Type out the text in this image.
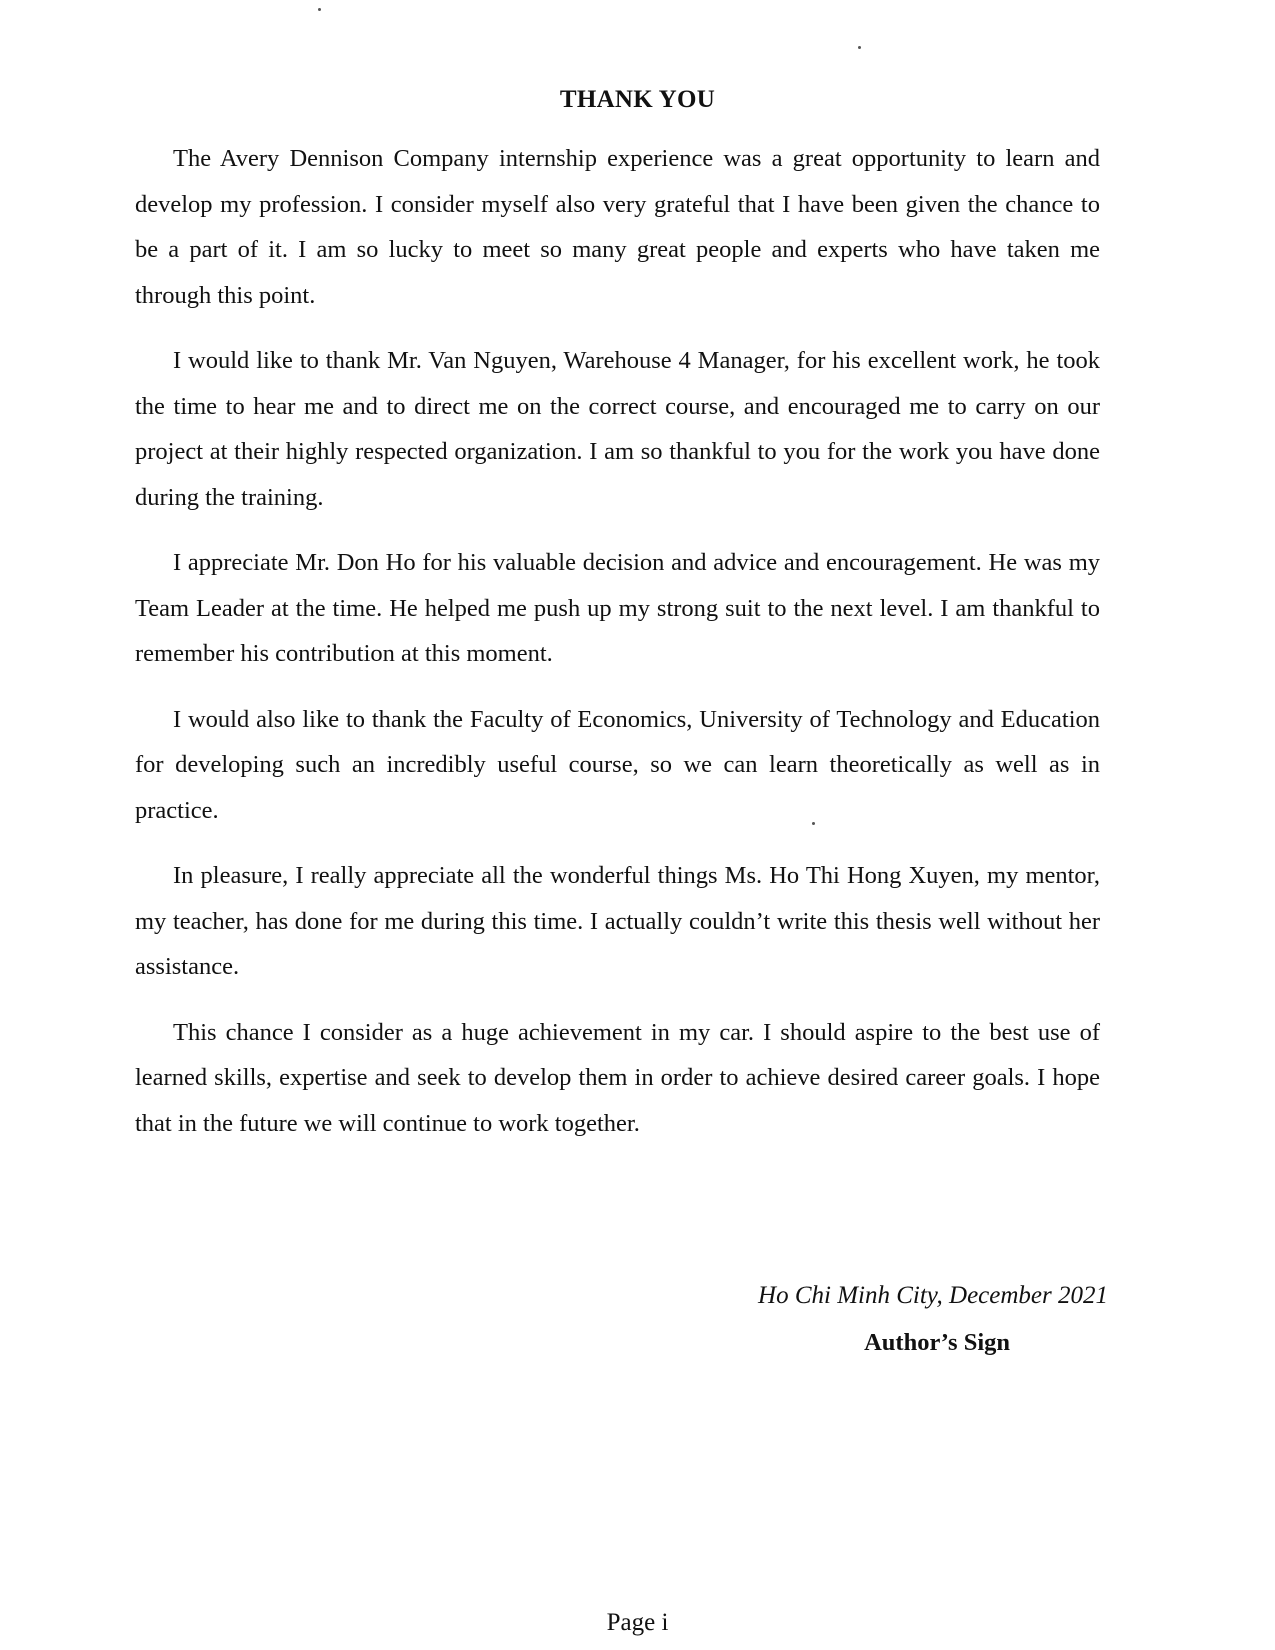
THANK YOU

The Avery Dennison Company internship experience was a great opportunity to learn and develop my profession. I consider myself also very grateful that I have been given the chance to be a part of it. I am so lucky to meet so many great people and experts who have taken me through this point.

I would like to thank Mr. Van Nguyen, Warehouse 4 Manager, for his excellent work, he took the time to hear me and to direct me on the correct course, and encouraged me to carry on our project at their highly respected organization. I am so thankful to you for the work you have done during the training.

I appreciate Mr. Don Ho for his valuable decision and advice and encouragement. He was my Team Leader at the time. He helped me push up my strong suit to the next level. I am thankful to remember his contribution at this moment.

I would also like to thank the Faculty of Economics, University of Technology and Education for developing such an incredibly useful course, so we can learn theoretically as well as in practice.

In pleasure, I really appreciate all the wonderful things Ms. Ho Thi Hong Xuyen, my mentor, my teacher, has done for me during this time. I actually couldn’t write this thesis well without her assistance.

This chance I consider as a huge achievement in my car. I should aspire to the best use of learned skills, expertise and seek to develop them in order to achieve desired career goals. I hope that in the future we will continue to work together.

Ho Chi Minh City, December 2021
Author’s Sign
Page i
